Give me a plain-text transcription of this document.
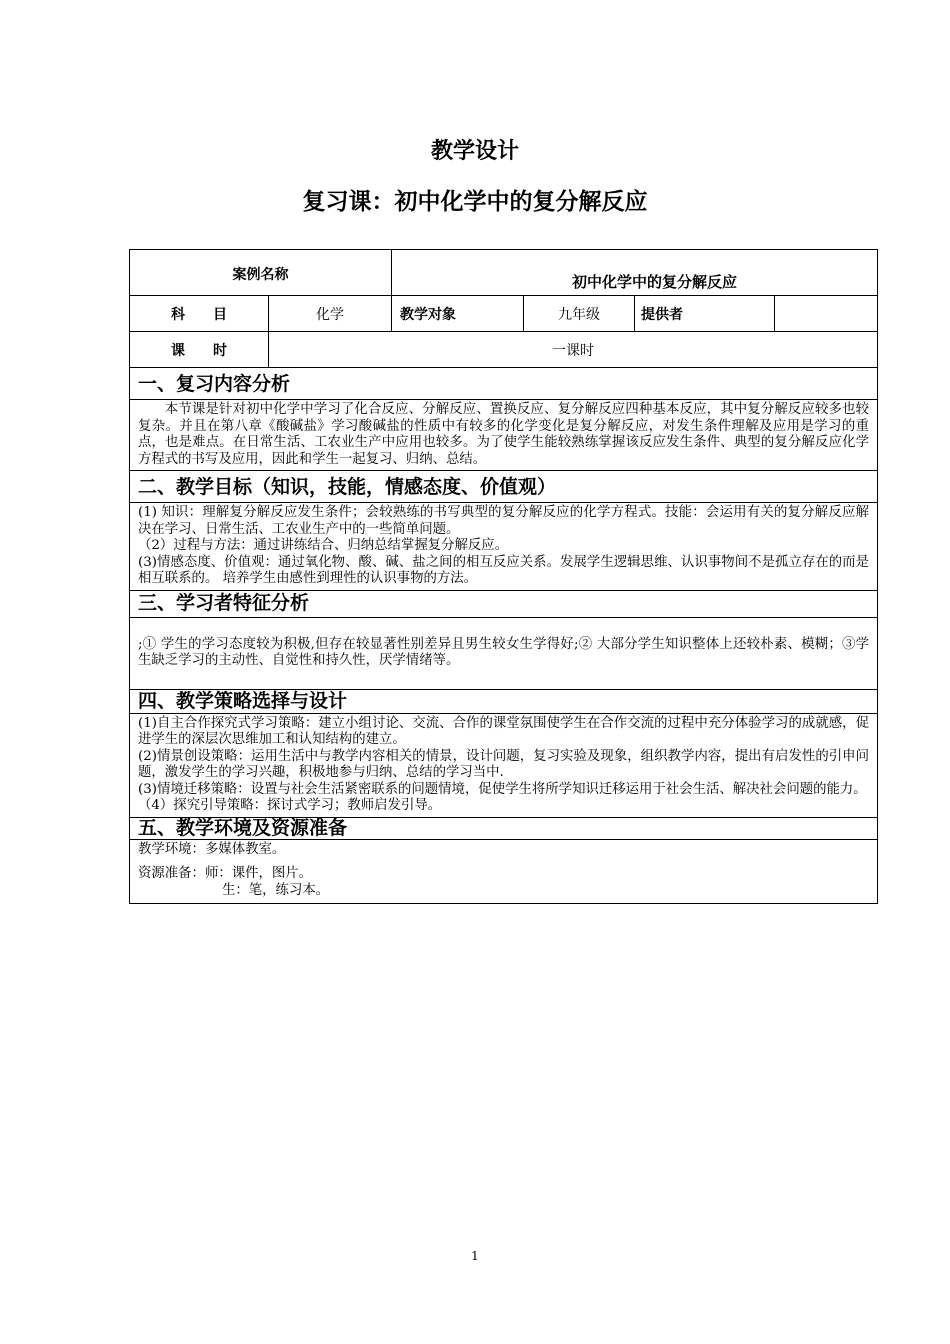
教学设计
复习课：初中化学中的复分解反应
案例名称		初中化学中的复分解反应			
科　　目	化学	教学对象	九年级	提供者	
课　　时	一课时				
一、复习内容分析					

本节课是针对初中化学中学习了化合反应、分解反应、置换反应、复分解反应四种基本反应，其中复分解反应较多也较复杂。并且在第八章《酸碱盐》学习酸碱盐的性质中有较多的化学变化是复分解反应，对发生条件理解及应用是学习的重点，也是难点。在日常生活、工农业生产中应用也较多。为了使学生能较熟练掌握该反应发生条件、典型的复分解反应化学方程式的书写及应用，因此和学生一起复习、归纳、总结。					

二、教学目标（知识，技能，情感态度、价值观）					

(1) 知识：理解复分解反应发生条件；会较熟练的书写典型的复分解反应的化学方程式。技能：会运用有关的复分解反应解决在学习、日常生活、工农业生产中的一些简单问题。

（2）过程与方法：通过讲练结合、归纳总结掌握复分解反应。

(3)情感态度、价值观：通过氧化物、酸、碱、盐之间的相互反应关系。发展学生逻辑思维、认识事物间不是孤立存在的而是相互联系的。 培养学生由感性到理性的认识事物的方法。					

三、学习者特征分析					

;① 学生的学习态度较为积极,但存在较显著性别差异且男生较女生学得好;② 大部分学生知识整体上还较朴素、模糊；③学生缺乏学习的主动性、自觉性和持久性，厌学情绪等。					

四、教学策略选择与设计					

(1)自主合作探究式学习策略：建立小组讨论、交流、合作的课堂氛围使学生在合作交流的过程中充分体验学习的成就感，促进学生的深层次思维加工和认知结构的建立。

(2)情景创设策略：运用生活中与教学内容相关的情景，设计问题，复习实验及现象，组织教学内容，提出有启发性的引申问题，激发学生的学习兴趣，积极地参与归纳、总结的学习当中.

(3)情境迁移策略：设置与社会生活紧密联系的问题情境，促使学生将所学知识迁移运用于社会生活、解决社会问题的能力。

（4）探究引导策略：探讨式学习；教师启发引导。					

五、教学环境及资源准备					

教学环境：多媒体教室。

资源准备：师：课件，图片。

生：笔，练习本。					

1
